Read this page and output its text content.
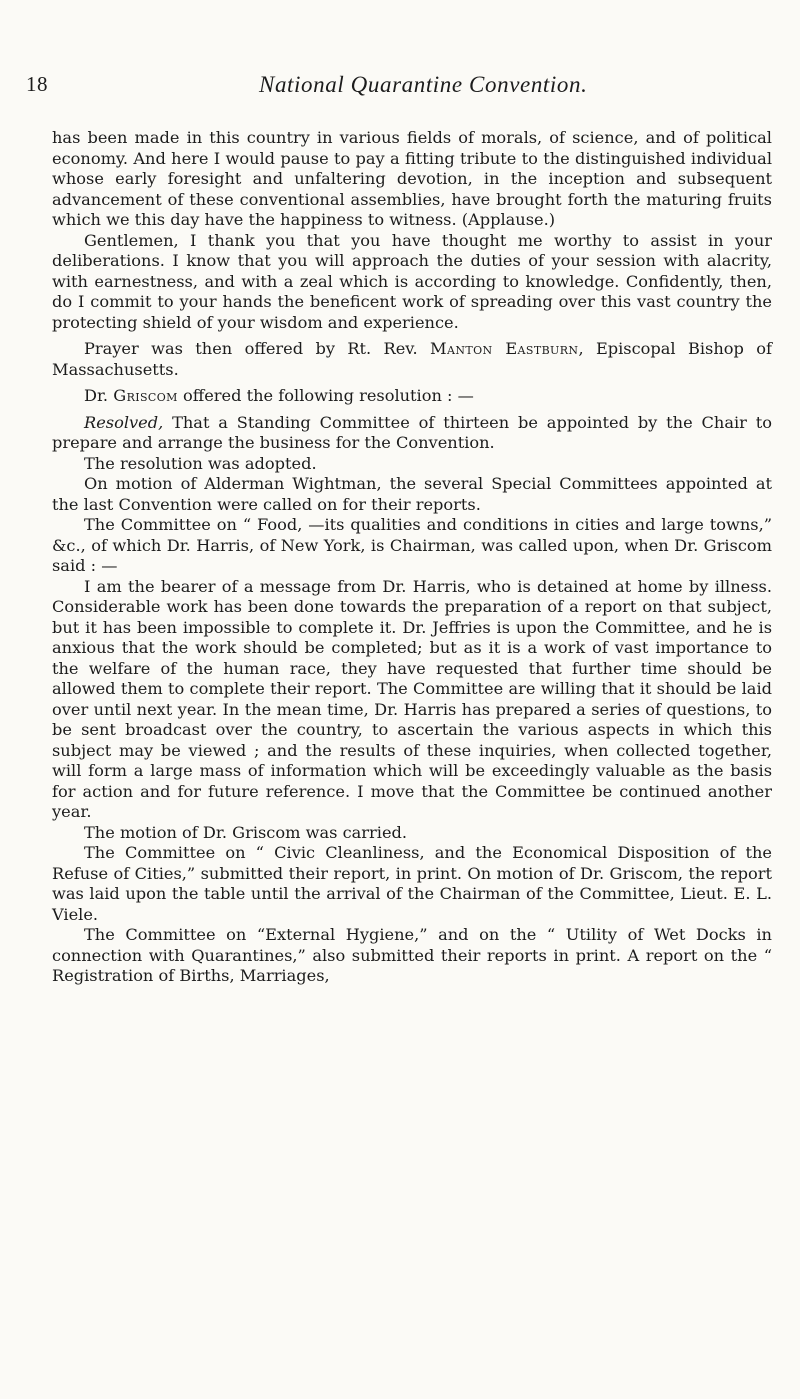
18	National Quarantine Convention.

has been made in this country in various fields of morals, of science, and of political economy. And here I would pause to pay a fitting tribute to the distinguished individual whose early foresight and unfaltering devotion, in the inception and subsequent advancement of these conventional assemblies, have brought forth the maturing fruits which we this day have the happiness to witness. (Applause.)

Gentlemen, I thank you that you have thought me worthy to assist in your deliberations. I know that you will approach the duties of your session with alacrity, with earnestness, and with a zeal which is according to knowledge. Confidently, then, do I commit to your hands the beneficent work of spreading over this vast country the protecting shield of your wisdom and experience.

Prayer was then offered by Rt. Rev. Manton Eastburn, Episcopal Bishop of Massachusetts.

Dr. Griscom offered the following resolution : —

Resolved, That a Standing Committee of thirteen be appointed by the Chair to prepare and arrange the business for the Convention.

The resolution was adopted.

On motion of Alderman Wightman, the several Special Committees appointed at the last Convention were called on for their reports.

The Committee on “ Food, —its qualities and conditions in cities and large towns,” &c., of which Dr. Harris, of New York, is Chairman, was called upon, when Dr. Griscom said : —

I am the bearer of a message from Dr. Harris, who is detained at home by illness. Considerable work has been done towards the preparation of a report on that subject, but it has been impossible to complete it. Dr. Jeffries is upon the Committee, and he is anxious that the work should be completed; but as it is a work of vast importance to the welfare of the human race, they have requested that further time should be allowed them to complete their report. The Committee are willing that it should be laid over until next year. In the mean time, Dr. Harris has prepared a series of questions, to be sent broadcast over the country, to ascertain the various aspects in which this subject may be viewed ; and the results of these inquiries, when collected together, will form a large mass of information which will be exceedingly valuable as the basis for action and for future reference. I move that the Committee be continued another year.

The motion of Dr. Griscom was carried.

The Committee on “ Civic Cleanliness, and the Economical Disposition of the Refuse of Cities,” submitted their report, in print. On motion of Dr. Griscom, the report was laid upon the table until the arrival of the Chairman of the Committee, Lieut. E. L. Viele.

The Committee on “External Hygiene,” and on the “ Utility of Wet Docks in connection with Quarantines,” also submitted their reports in print. A report on the “ Registration of Births, Marriages,
